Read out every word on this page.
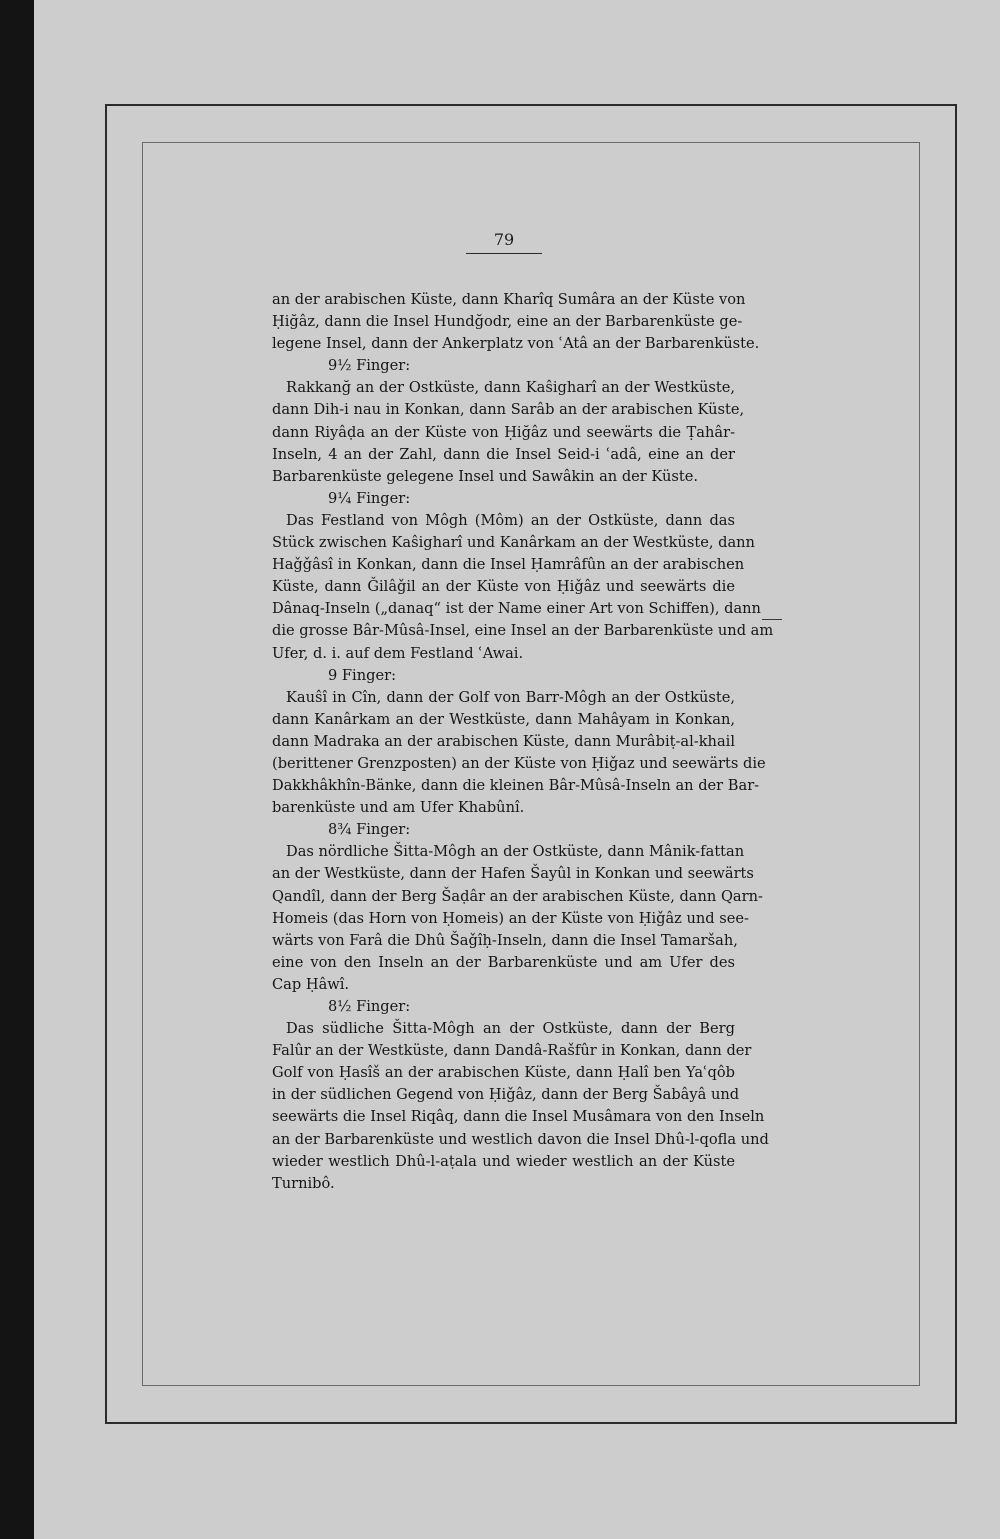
79
an der arabischen Küste, dann Kharîq Sumâra an der Küste von
Ḥiğâz, dann die Insel Hundğodr, eine an der Barbarenküste ge-
legene Insel, dann der Ankerplatz von ʿAtâ an der Barbarenküste.
9½ Finger:
Rakkanğ an der Ostküste, dann Kaŝigharî an der Westküste,
dann Dih-i nau in Konkan, dann Sarâb an der arabischen Küste,
dann Riyâḍa an der Küste von Ḥiğâz und seewärts die Ṭahâr-
Inseln, 4 an der Zahl, dann die Insel Seid-i ʿadâ, eine an der
Barbarenküste gelegene Insel und Sawâkin an der Küste.
9¼ Finger:
Das Festland von Môgh (Môm) an der Ostküste, dann das
Stück zwischen Kaŝigharî und Kanârkam an der Westküste, dann
Haǧǧâsî in Konkan, dann die Insel Ḥamrâfûn an der arabischen
Küste, dann Ǧilâǧil an der Küste von Ḥiǧâz und seewärts die
Dânaq-Inseln („danaq“ ist der Name einer Art von Schiffen), dann
die grosse Bâr-Mûsâ-Insel, eine Insel an der Barbarenküste und am
Ufer, d. i. auf dem Festland ʿAwai.
9 Finger:
Kauŝî in Cîn, dann der Golf von Barr-Môgh an der Ostküste,
dann Kanârkam an der Westküste, dann Mahâyam in Konkan,
dann Madraka an der arabischen Küste, dann Murâbiṭ-al-khail
(berittener Grenzposten) an der Küste von Ḥiǧaz und seewärts die
Dakkhâkhîn-Bänke, dann die kleinen Bâr-Mûsâ-Inseln an der Bar-
barenküste und am Ufer Khabûnî.
8¾ Finger:
Das nördliche Šitta-Môgh an der Ostküste, dann Mânik-fattan
an der Westküste, dann der Hafen Šayûl in Konkan und seewärts
Qandîl, dann der Berg Šaḍâr an der arabischen Küste, dann Qarn-
Homeis (das Horn von Ḥomeis) an der Küste von Ḥiǧâz und see-
wärts von Farâ die Dhû Šaǧîḥ-Inseln, dann die Insel Tamaršah,
eine von den Inseln an der Barbarenküste und am Ufer des
Cap Ḥâwî.
8½ Finger:
Das südliche Šitta-Môgh an der Ostküste, dann der Berg
Falûr an der Westküste, dann Dandâ-Rašfûr in Konkan, dann der
Golf von Ḥasîš an der arabischen Küste, dann Ḥalî ben Yaʿqôb
in der südlichen Gegend von Ḥiǧâz, dann der Berg Šabâyâ und
seewärts die Insel Riqâq, dann die Insel Musâmara von den Inseln
an der Barbarenküste und westlich davon die Insel Dhû-l-qofla und
wieder westlich Dhû-l-aṭala und wieder westlich an der Küste
Turnibô.
